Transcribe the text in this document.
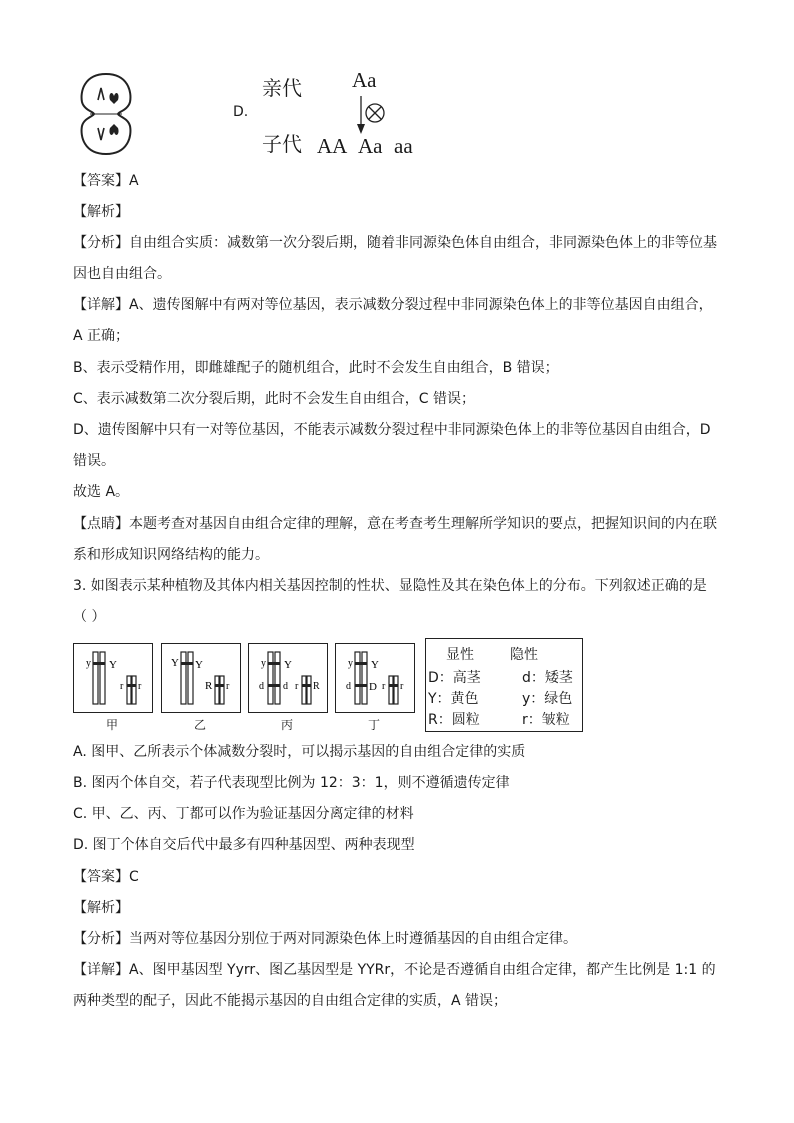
D.
亲代 Aa
子代 AA Aa aa
【答案】A
【解析】
【分析】自由组合实质：减数第一次分裂后期，随着非同源染色体自由组合，非同源染色体上的非等位基
因也自由组合。
【详解】A、遗传图解中有两对等位基因，表示减数分裂过程中非同源染色体上的非等位基因自由组合，
A 正确；
B、表示受精作用，即雌雄配子的随机组合，此时不会发生自由组合，B 错误；
C、表示减数第二次分裂后期，此时不会发生自由组合，C 错误；
D、遗传图解中只有一对等位基因，不能表示减数分裂过程中非同源染色体上的非等位基因自由组合，D
错误。
故选 A。
【点睛】本题考查对基因自由组合定律的理解，意在考查考生理解所学知识的要点，把握知识间的内在联
系和形成知识网络结构的能力。
3. 如图表示某种植物及其体内相关基因控制的性状、显隐性及其在染色体上的分布。下列叙述正确的是
（ ）
y Y
r r
甲
Y Y
R r
乙
y Y
d d r R
丙
y Y
d D r r
丁
显性	隐性
D：高茎	d：矮茎
Y：黄色	y：绿色
R：圆粒	r：皱粒
A. 图甲、乙所表示个体减数分裂时，可以揭示基因的自由组合定律的实质
B. 图丙个体自交，若子代表现型比例为 12：3：1，则不遵循遗传定律
C. 甲、乙、丙、丁都可以作为验证基因分离定律的材料
D. 图丁个体自交后代中最多有四种基因型、两种表现型
【答案】C
【解析】
【分析】当两对等位基因分别位于两对同源染色体上时遵循基因的自由组合定律。
【详解】A、图甲基因型 Yyrr、图乙基因型是 YYRr，不论是否遵循自由组合定律，都产生比例是 1:1 的
两种类型的配子，因此不能揭示基因的自由组合定律的实质，A 错误；
